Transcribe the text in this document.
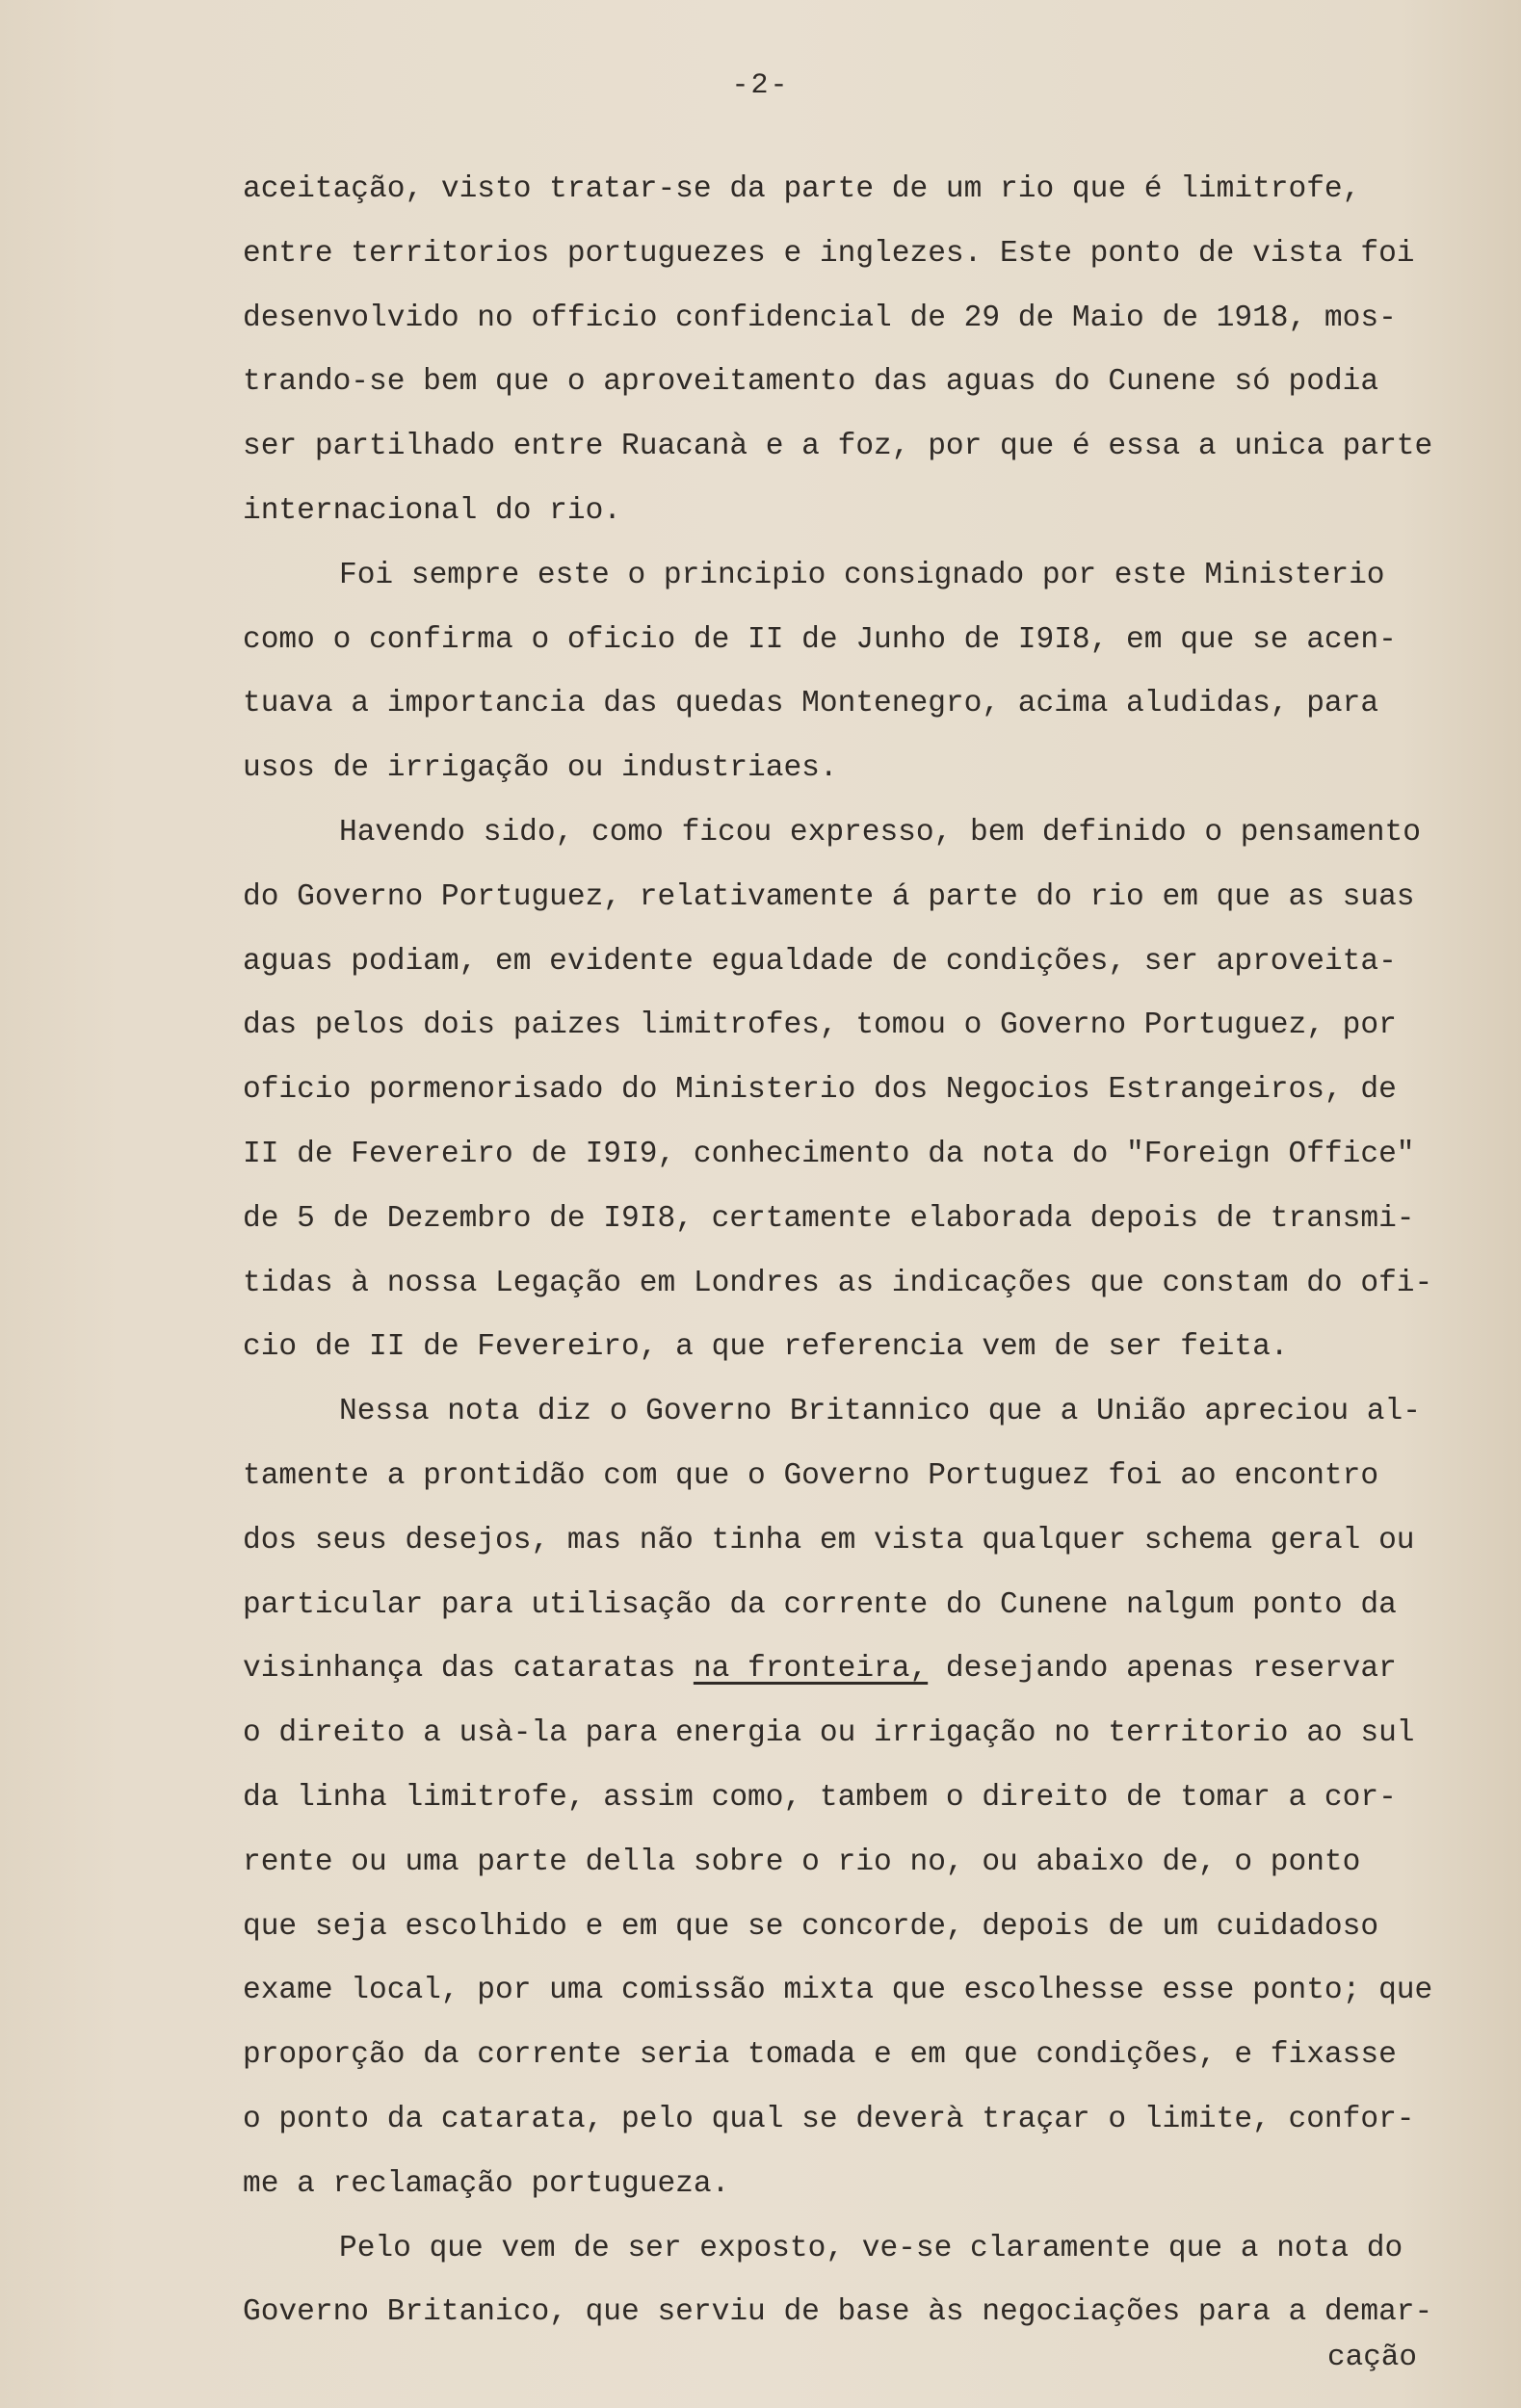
-2-
aceitação, visto tratar-se da parte de um rio que é limitrofe,
entre territorios portuguezes e inglezes. Este ponto de vista foi
desenvolvido no officio confidencial de 29 de Maio de 1918, mos-
trando-se bem que o aproveitamento das aguas do Cunene só podia
ser partilhado entre Ruacanà e a foz, por que é essa a unica parte
internacional do rio.
Foi sempre este o principio consignado por este Ministerio
como o confirma o oficio de II de Junho de I9I8, em que se acen-
tuava a importancia das quedas Montenegro, acima aludidas, para
usos de irrigação ou industriaes.
Havendo sido, como ficou expresso, bem definido o pensamento
do Governo Portuguez, relativamente á parte do rio em que as suas
aguas podiam, em evidente egualdade de condições, ser aproveita-
das pelos dois paizes limitrofes, tomou o Governo Portuguez, por
oficio pormenorisado do Ministerio dos Negocios Estrangeiros, de
II de Fevereiro de I9I9, conhecimento da nota do "Foreign Office"
de 5 de Dezembro de I9I8, certamente elaborada depois de transmi-
tidas à nossa Legação em Londres as indicações que constam do ofi-
cio de II de Fevereiro, a que referencia vem de ser feita.
Nessa nota diz o Governo Britannico que a União apreciou al-
tamente a prontidão com que o Governo Portuguez foi ao encontro
dos seus desejos, mas não tinha em vista qualquer schema geral ou
particular para utilisação da corrente do Cunene nalgum ponto da
visinhança das cataratas na fronteira, desejando apenas reservar
o direito a usà-la para energia ou irrigação no territorio ao sul
da linha limitrofe, assim como, tambem o direito de tomar a cor-
rente ou uma parte della sobre o rio no, ou abaixo de, o ponto
que seja escolhido e em que se concorde, depois de um cuidadoso
exame local, por uma comissão mixta que escolhesse esse ponto; que
proporção da corrente seria tomada e em que condições, e fixasse
o ponto da catarata, pelo qual se deverà traçar o limite, confor-
me a reclamação portugueza.
Pelo que vem de ser exposto, ve-se claramente que a nota do
Governo Britanico, que serviu de base às negociações para a demar-
cação
